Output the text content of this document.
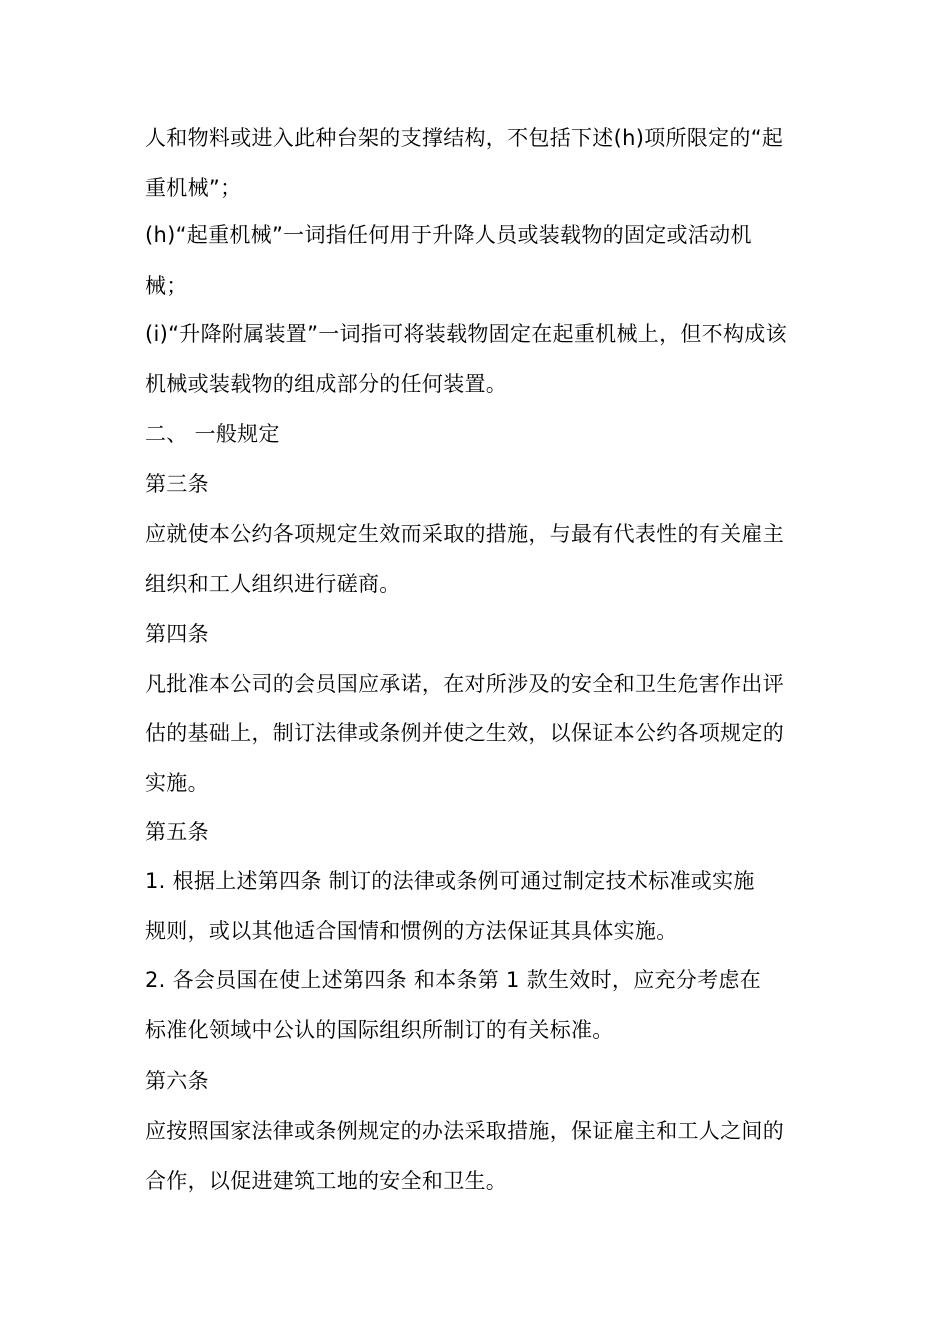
人和物料或进入此种台架的支撑结构，不包括下述(h)项所限定的“起
重机械”；
(h)“起重机械”一词指任何用于升降人员或装载物的固定或活动机
械；
(i)“升降附属装置”一词指可将装载物固定在起重机械上，但不构成该
机械或装载物的组成部分的任何装置。
二、 一般规定
第三条
应就使本公约各项规定生效而采取的措施，与最有代表性的有关雇主
组织和工人组织进行磋商。
第四条
凡批准本公司的会员国应承诺，在对所涉及的安全和卫生危害作出评
估的基础上，制订法律或条例并使之生效，以保证本公约各项规定的
实施。
第五条
1. 根据上述第四条 制订的法律或条例可通过制定技术标准或实施
规则，或以其他适合国情和惯例的方法保证其具体实施。
2. 各会员国在使上述第四条 和本条第 1 款生效时，应充分考虑在
标准化领域中公认的国际组织所制订的有关标准。
第六条
应按照国家法律或条例规定的办法采取措施，保证雇主和工人之间的
合作，以促进建筑工地的安全和卫生。
